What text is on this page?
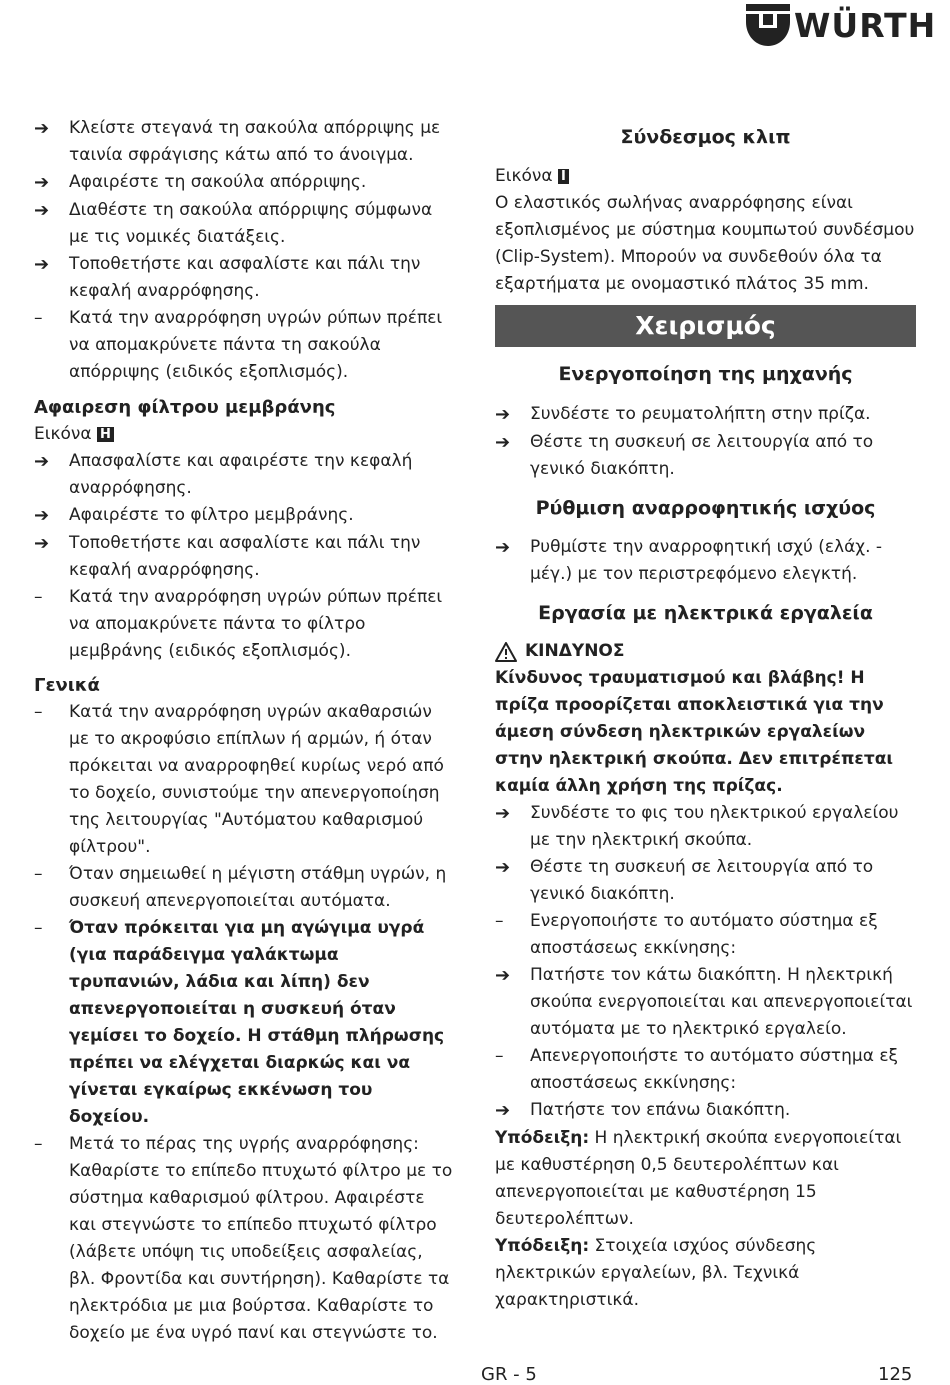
WÜRTH
➔
Κλείστε στεγανά τη σακούλα απόρριψης με ταινία σφράγισης κάτω από το άνοιγμα.
➔
Αφαιρέστε τη σακούλα απόρριψης.
➔
Διαθέστε τη σακούλα απόρριψης σύμφωνα με τις νομικές διατάξεις.
➔
Τοποθετήστε και ασφαλίστε και πάλι την κεφαλή αναρρόφησης.
–
Κατά την αναρρόφηση υγρών ρύπων πρέπει να απομακρύνετε πάντα τη σακούλα απόρριψης (ειδικός εξοπλισμός).
Αφαιρεση φίλτρου μεμβράνης
Εικόνα H
➔
Απασφαλίστε και αφαιρέστε την κεφαλή αναρρόφησης.
➔
Αφαιρέστε το φίλτρο μεμβράνης.
➔
Τοποθετήστε και ασφαλίστε και πάλι την κεφαλή αναρρόφησης.
–
Κατά την αναρρόφηση υγρών ρύπων πρέπει να απομακρύνετε πάντα το φίλτρο μεμβράνης (ειδικός εξοπλισμός).
Γενικά
–
Κατά την αναρρόφηση υγρών ακαθαρσιών με το ακροφύσιο επίπλων ή αρμών, ή όταν πρόκειται να αναρροφηθεί κυρίως νερό από το δοχείο, συνιστούμε την απενεργοποίηση της λειτουργίας "Αυτόματου καθαρισμού φίλτρου".
–
Όταν σημειωθεί η μέγιστη στάθμη υγρών, η συσκευή απενεργοποιείται αυτόματα.
–
Όταν πρόκειται για μη αγώγιμα υγρά (για παράδειγμα γαλάκτωμα τρυπανιών, λάδια και λίπη) δεν απενεργοποιείται η συσκευή όταν γεμίσει το δοχείο. Η στάθμη πλήρωσης πρέπει να ελέγχεται διαρκώς και να γίνεται εγκαίρως εκκένωση του δοχείου.
–
Μετά το πέρας της υγρής αναρρόφησης: Καθαρίστε το επίπεδο πτυχωτό φίλτρο με το σύστημα καθαρισμού φίλτρου. Αφαιρέστε και στεγνώστε το επίπεδο πτυχωτό φίλτρο (λάβετε υπόψη τις υποδείξεις ασφαλείας, βλ. Φροντίδα και συντήρηση). Καθαρίστε τα ηλεκτρόδια με μια βούρτσα. Καθαρίστε το δοχείο με ένα υγρό πανί και στεγνώστε το.
Σύνδεσμος κλιπ
Εικόνα I
Ο ελαστικός σωλήνας αναρρόφησης είναι εξοπλισμένος με σύστημα κουμπωτού συνδέσμου (Clip-System). Μπορούν να συνδεθούν όλα τα εξαρτήματα με ονομαστικό πλάτος 35 mm.
Χειρισμός
Ενεργοποίηση της μηχανής
➔
Συνδέστε το ρευματολήπτη στην πρίζα.
➔
Θέστε τη συσκευή σε λειτουργία από το γενικό διακόπτη.
Ρύθμιση αναρροφητικής ισχύος
➔
Ρυθμίστε την αναρροφητική ισχύ (ελάχ. - μέγ.) με τον περιστρεφόμενο ελεγκτή.
Εργασία με ηλεκτρικά εργαλεία
ΚΙΝΔΥΝΟΣ
Κίνδυνος τραυματισμού και βλάβης! Η πρίζα προορίζεται αποκλειστικά για την άμεση σύνδεση ηλεκτρικών εργαλείων στην ηλεκτρική σκούπα. Δεν επιτρέπεται καμία άλλη χρήση της πρίζας.
➔
Συνδέστε το φις του ηλεκτρικού εργαλείου με την ηλεκτρική σκούπα.
➔
Θέστε τη συσκευή σε λειτουργία από το γενικό διακόπτη.
–
Ενεργοποιήστε το αυτόματο σύστημα εξ αποστάσεως εκκίνησης:
➔
Πατήστε τον κάτω διακόπτη. Η ηλεκτρική σκούπα ενεργοποιείται και απενεργοποιείται αυτόματα με το ηλεκτρικό εργαλείο.
–
Απενεργοποιήστε το αυτόματο σύστημα εξ αποστάσεως εκκίνησης:
➔
Πατήστε τον επάνω διακόπτη.
Υπόδειξη: Η ηλεκτρική σκούπα ενεργοποιείται με καθυστέρηση 0,5 δευτερολέπτων και απενεργοποιείται με καθυστέρηση 15 δευτερολέπτων.
Υπόδειξη: Στοιχεία ισχύος σύνδεσης ηλεκτρικών εργαλείων, βλ. Τεχνικά χαρακτηριστικά.
GR - 5	125
